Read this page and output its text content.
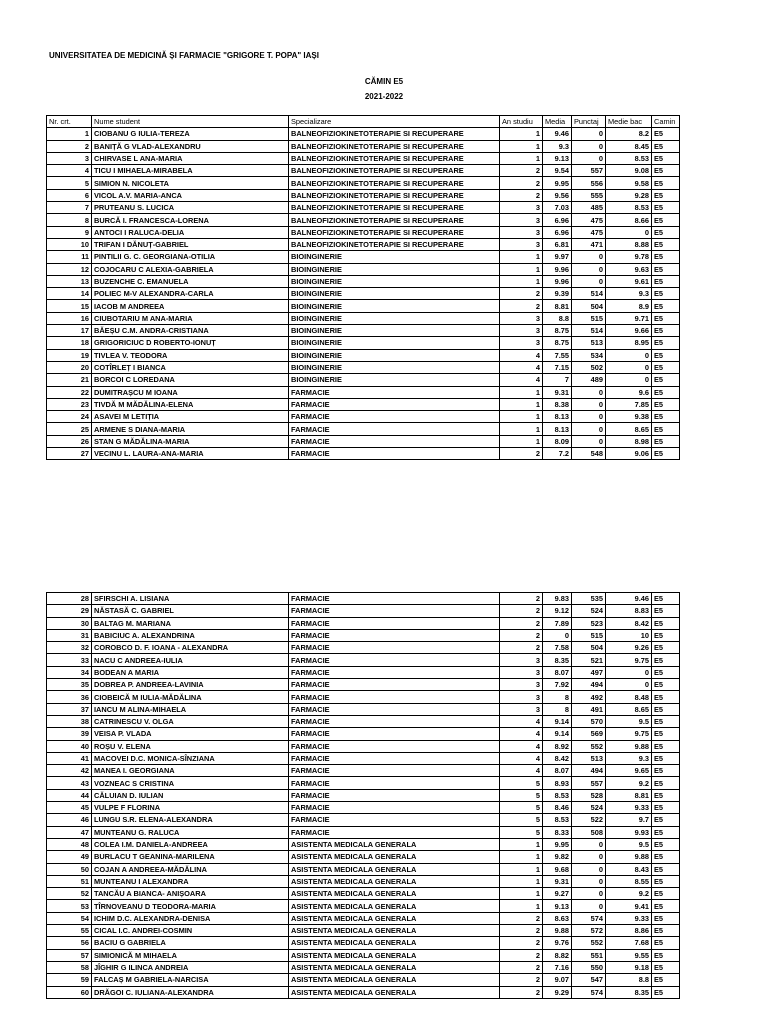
UNIVERSITATEA DE MEDICINĂ ȘI FARMACIE "GRIGORE T. POPA" IAȘI
CĂMIN E5
2021-2022
Nr. crt.	Nume student	Specializare	An studiu	Media	Punctaj	Medie bac	Camin
1	CIOBANU G IULIA-TEREZA	BALNEOFIZIOKINETOTERAPIE SI RECUPERARE	1	9.46	0	8.2	E5
2	BANIȚĂ G VLAD-ALEXANDRU	BALNEOFIZIOKINETOTERAPIE SI RECUPERARE	1	9.3	0	8.45	E5
3	CHIRVASE L ANA-MARIA	BALNEOFIZIOKINETOTERAPIE SI RECUPERARE	1	9.13	0	8.53	E5
4	TICU I MIHAELA-MIRABELA	BALNEOFIZIOKINETOTERAPIE SI RECUPERARE	2	9.54	557	9.08	E5
5	SIMION N. NICOLETA	BALNEOFIZIOKINETOTERAPIE SI RECUPERARE	2	9.95	556	9.58	E5
6	VICOL A.V. MARIA-ANCA	BALNEOFIZIOKINETOTERAPIE SI RECUPERARE	2	9.56	555	9.28	E5
7	PRUTEANU S. LUCICA	BALNEOFIZIOKINETOTERAPIE SI RECUPERARE	3	7.03	485	8.53	E5
8	BURCĂ I. FRANCESCA-LORENA	BALNEOFIZIOKINETOTERAPIE SI RECUPERARE	3	6.96	475	8.66	E5
9	ANTOCI I RALUCA-DELIA	BALNEOFIZIOKINETOTERAPIE SI RECUPERARE	3	6.96	475	0	E5
10	TRIFAN I DĂNUȚ-GABRIEL	BALNEOFIZIOKINETOTERAPIE SI RECUPERARE	3	6.81	471	8.88	E5
11	PINTILII G. C. GEORGIANA-OTILIA	BIOINGINERIE	1	9.97	0	9.78	E5
12	COJOCARU C ALEXIA-GABRIELA	BIOINGINERIE	1	9.96	0	9.63	E5
13	BUZENCHE C. EMANUELA	BIOINGINERIE	1	9.96	0	9.61	E5
14	POLIEC M-V ALEXANDRA-CARLA	BIOINGINERIE	2	9.39	514	9.3	E5
15	IACOB M ANDREEA	BIOINGINERIE	2	8.81	504	8.9	E5
16	CIUBOTARIU M ANA-MARIA	BIOINGINERIE	3	8.8	515	9.71	E5
17	BĂEȘU C.M. ANDRA-CRISTIANA	BIOINGINERIE	3	8.75	514	9.66	E5
18	GRIGORICIUC D ROBERTO-IONUȚ	BIOINGINERIE	3	8.75	513	8.95	E5
19	TIVLEA V. TEODORA	BIOINGINERIE	4	7.55	534	0	E5
20	COTÎRLEȚ I BIANCA	BIOINGINERIE	4	7.15	502	0	E5
21	BORCOI C LOREDANA	BIOINGINERIE	4	7	489	0	E5
22	DUMITRAȘCU M IOANA	FARMACIE	1	9.31	0	9.6	E5
23	TIVDĂ M MĂDĂLINA-ELENA	FARMACIE	1	8.38	0	7.85	E5
24	ASAVEI M LETIȚIA	FARMACIE	1	8.13	0	9.38	E5
25	ARMENE S DIANA-MARIA	FARMACIE	1	8.13	0	8.65	E5
26	STAN G MĂDĂLINA-MARIA	FARMACIE	1	8.09	0	8.98	E5
27	VECINU L. LAURA-ANA-MARIA	FARMACIE	2	7.2	548	9.06	E5
28	SFIRSCHI A. LISIANA	FARMACIE	2	9.83	535	9.46	E5
29	NĂSTASĂ C. GABRIEL	FARMACIE	2	9.12	524	8.83	E5
30	BALTAG M. MARIANA	FARMACIE	2	7.89	523	8.42	E5
31	BABICIUC A. ALEXANDRINA	FARMACIE	2	0	515	10	E5
32	COROBCO D. F. IOANA - ALEXANDRA	FARMACIE	2	7.58	504	9.26	E5
33	NACU C ANDREEA-IULIA	FARMACIE	3	8.35	521	9.75	E5
34	BODEAN A MARIA	FARMACIE	3	8.07	497	0	E5
35	DOBREA P. ANDREEA-LAVINIA	FARMACIE	3	7.92	494	0	E5
36	CIOBEICĂ M IULIA-MĂDĂLINA	FARMACIE	3	8	492	8.48	E5
37	IANCU M ALINA-MIHAELA	FARMACIE	3	8	491	8.65	E5
38	CATRINESCU V. OLGA	FARMACIE	4	9.14	570	9.5	E5
39	VEISA P. VLADA	FARMACIE	4	9.14	569	9.75	E5
40	ROȘU V. ELENA	FARMACIE	4	8.92	552	9.88	E5
41	MACOVEI D.C. MONICA-SÎNZIANA	FARMACIE	4	8.42	513	9.3	E5
42	MANEA I. GEORGIANA	FARMACIE	4	8.07	494	9.65	E5
43	VOZNEAC S CRISTINA	FARMACIE	5	8.93	557	9.2	E5
44	CĂLUIAN D. IULIAN	FARMACIE	5	8.53	528	8.81	E5
45	VULPE F FLORINA	FARMACIE	5	8.46	524	9.33	E5
46	LUNGU S.R. ELENA-ALEXANDRA	FARMACIE	5	8.53	522	9.7	E5
47	MUNTEANU G. RALUCA	FARMACIE	5	8.33	508	9.93	E5
48	COLEA I.M. DANIELA-ANDREEA	ASISTENTA MEDICALA GENERALA	1	9.95	0	9.5	E5
49	BURLACU T GEANINA-MARILENA	ASISTENTA MEDICALA GENERALA	1	9.82	0	9.88	E5
50	COJAN A ANDREEA-MĂDĂLINA	ASISTENTA MEDICALA GENERALA	1	9.68	0	8.43	E5
51	MUNTEANU I ALEXANDRA	ASISTENTA MEDICALA GENERALA	1	9.31	0	8.55	E5
52	TANCĂU A BIANCA- ANIȘOARA	ASISTENTA MEDICALA GENERALA	1	9.27	0	9.2	E5
53	TÎRNOVEANU D TEODORA-MARIA	ASISTENTA MEDICALA GENERALA	1	9.13	0	9.41	E5
54	ICHIM D.C. ALEXANDRA-DENISA	ASISTENTA MEDICALA GENERALA	2	8.63	574	9.33	E5
55	CICAL I.C. ANDREI-COSMIN	ASISTENTA MEDICALA GENERALA	2	9.88	572	8.86	E5
56	BACIU G GABRIELA	ASISTENTA MEDICALA GENERALA	2	9.76	552	7.68	E5
57	SIMIONICĂ M MIHAELA	ASISTENTA MEDICALA GENERALA	2	8.82	551	9.55	E5
58	JÎGHIR G ILINCA ANDREIA	ASISTENTA MEDICALA GENERALA	2	7.16	550	9.18	E5
59	FALCAȘ M GABRIELA-NARCISA	ASISTENTA MEDICALA GENERALA	2	9.07	547	8.8	E5
60	DRĂGOI C. IULIANA-ALEXANDRA	ASISTENTA MEDICALA GENERALA	2	9.29	574	8.35	E5
